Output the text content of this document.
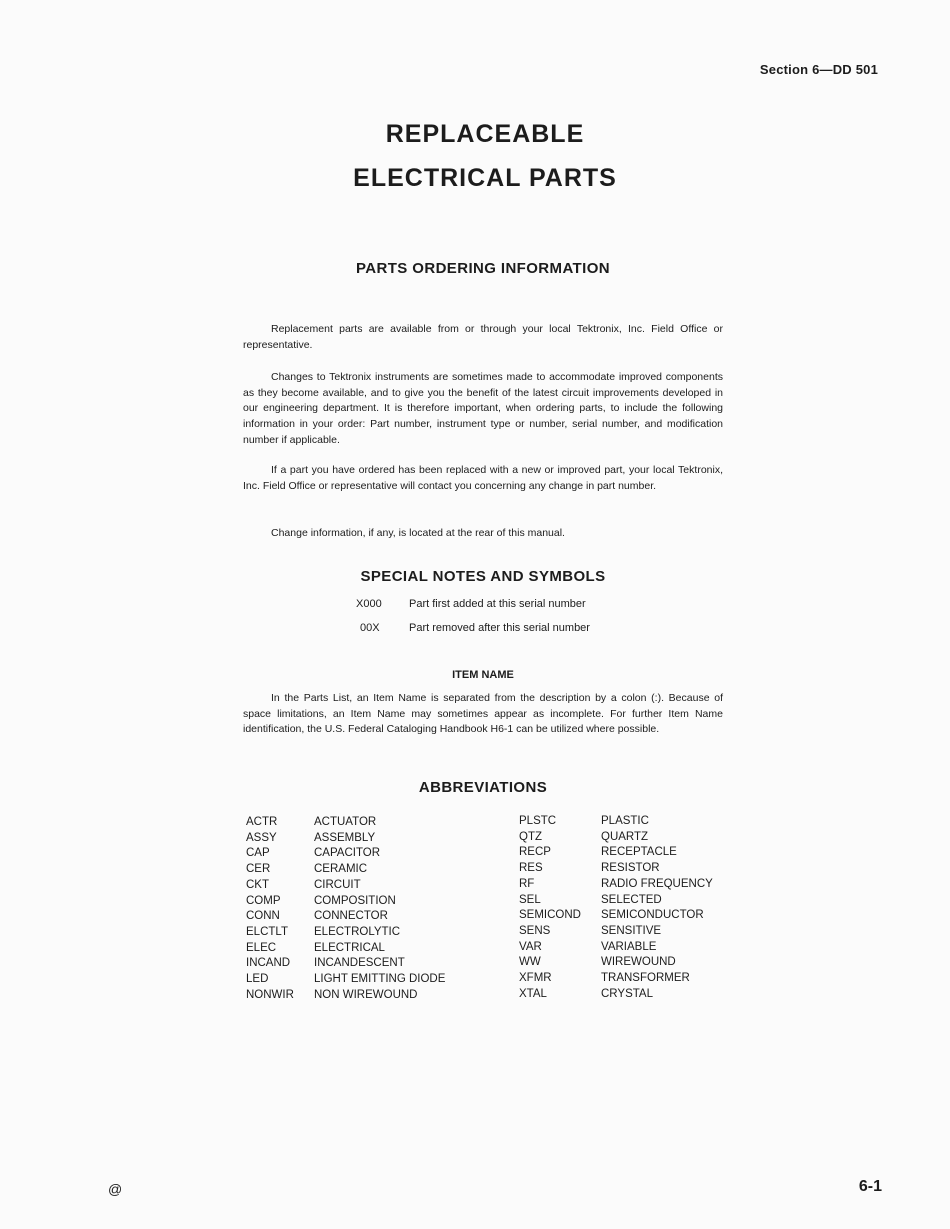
Section 6—DD 501
REPLACEABLE
ELECTRICAL PARTS
PARTS ORDERING INFORMATION

Replacement parts are available from or through your local Tektronix, Inc. Field Office or representative.

Changes to Tektronix instruments are sometimes made to accommodate improved components as they become available, and to give you the benefit of the latest circuit improvements developed in our engineering department. It is therefore important, when ordering parts, to include the following information in your order: Part number, instrument type or number, serial number, and modification number if applicable.

If a part you have ordered has been replaced with a new or improved part, your local Tektronix, Inc. Field Office or representative will contact you concerning any change in part number.

Change information, if any, is located at the rear of this manual.

SPECIAL NOTES AND SYMBOLS
X000	Part first added at this serial number
00X	Part removed after this serial number
ITEM NAME

In the Parts List, an Item Name is separated from the description by a colon (:). Because of space limitations, an Item Name may sometimes appear as incomplete. For further Item Name identification, the U.S. Federal Cataloging Handbook H6-1 can be utilized where possible.

ABBREVIATIONS
ACTR	ACTUATOR
ASSY	ASSEMBLY
CAP	CAPACITOR
CER	CERAMIC
CKT	CIRCUIT
COMP	COMPOSITION
CONN	CONNECTOR
ELCTLT	ELECTROLYTIC
ELEC	ELECTRICAL
INCAND	INCANDESCENT
LED	LIGHT EMITTING DIODE
NONWIR	NON WIREWOUND
PLSTC	PLASTIC
QTZ	QUARTZ
RECP	RECEPTACLE
RES	RESISTOR
RF	RADIO FREQUENCY
SEL	SELECTED
SEMICOND	SEMICONDUCTOR
SENS	SENSITIVE
VAR	VARIABLE
WW	WIREWOUND
XFMR	TRANSFORMER
XTAL	CRYSTAL
@	6-1
